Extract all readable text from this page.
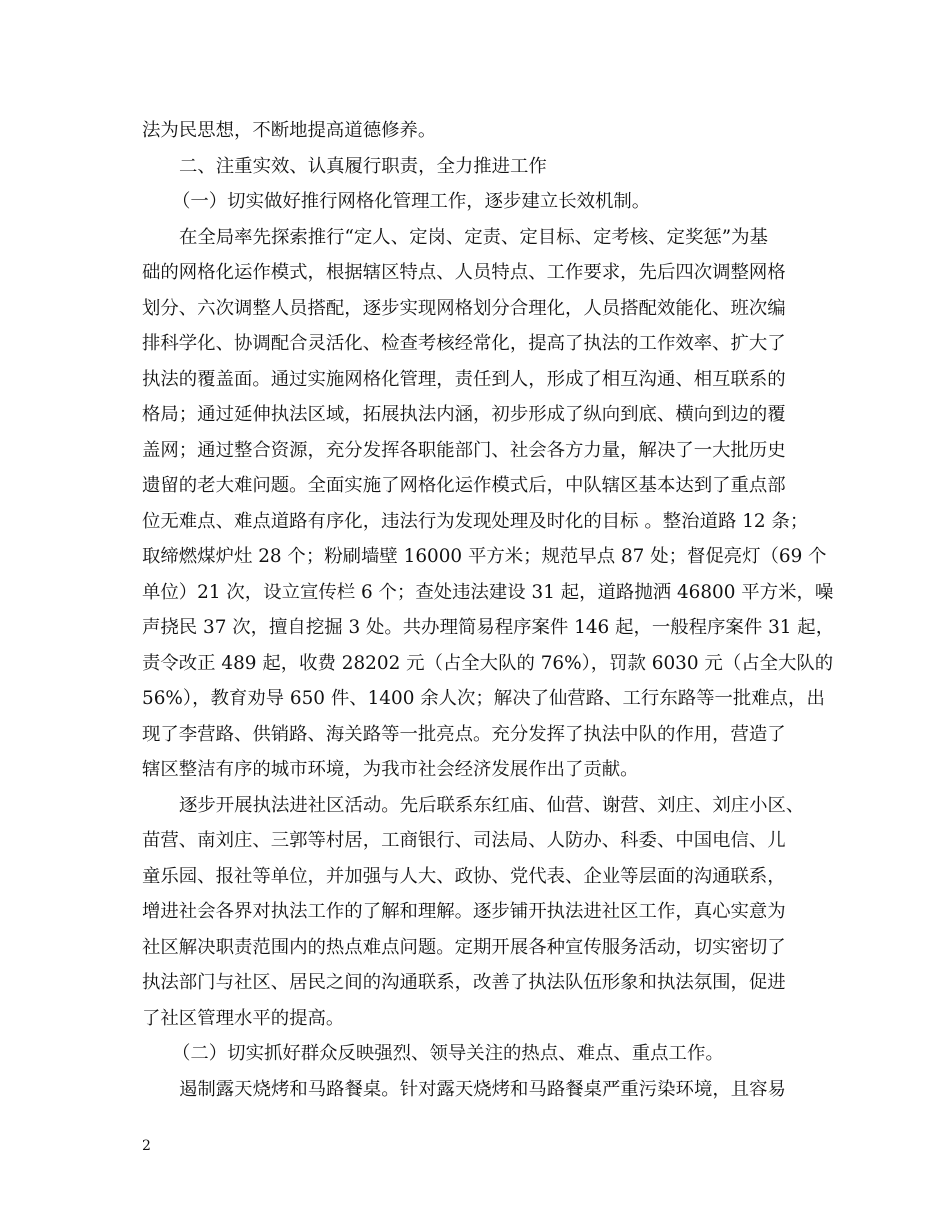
法为民思想，不断地提高道德修养。
二、注重实效、认真履行职责，全力推进工作
（一）切实做好推行网格化管理工作，逐步建立长效机制。
在全局率先探索推行“定人、定岗、定责、定目标、定考核、定奖惩”为基
础的网格化运作模式，根据辖区特点、人员特点、工作要求，先后四次调整网格
划分、六次调整人员搭配，逐步实现网格划分合理化，人员搭配效能化、班次编
排科学化、协调配合灵活化、检查考核经常化，提高了执法的工作效率、扩大了
执法的覆盖面。通过实施网格化管理，责任到人，形成了相互沟通、相互联系的
格局；通过延伸执法区域，拓展执法内涵，初步形成了纵向到底、横向到边的覆
盖网；通过整合资源，充分发挥各职能部门、社会各方力量，解决了一大批历史
遗留的老大难问题。全面实施了网格化运作模式后，中队辖区基本达到了重点部
位无难点、难点道路有序化，违法行为发现处理及时化的目标 。整治道路 12 条；
取缔燃煤炉灶 28 个；粉刷墙壁 16000 平方米；规范早点 87 处；督促亮灯（69 个
单位）21 次，设立宣传栏 6 个；查处违法建设 31 起，道路抛洒 46800 平方米，噪
声挠民 37 次，擅自挖掘 3 处。共办理简易程序案件 146 起，一般程序案件 31 起，
责令改正 489 起，收费 28202 元（占全大队的 76%），罚款 6030 元（占全大队的
56%），教育劝导 650 件、1400 余人次；解决了仙营路、工行东路等一批难点，出
现了李营路、供销路、海关路等一批亮点。充分发挥了执法中队的作用，营造了
辖区整洁有序的城市环境，为我市社会经济发展作出了贡献。
逐步开展执法进社区活动。先后联系东红庙、仙营、谢营、刘庄、刘庄小区、
苗营、南刘庄、三郭等村居，工商银行、司法局、人防办、科委、中国电信、儿
童乐园、报社等单位，并加强与人大、政协、党代表、企业等层面的沟通联系，
增进社会各界对执法工作的了解和理解。逐步铺开执法进社区工作，真心实意为
社区解决职责范围内的热点难点问题。定期开展各种宣传服务活动，切实密切了
执法部门与社区、居民之间的沟通联系，改善了执法队伍形象和执法氛围，促进
了社区管理水平的提高。
（二）切实抓好群众反映强烈、领导关注的热点、难点、重点工作。
遏制露天烧烤和马路餐桌。针对露天烧烤和马路餐桌严重污染环境，且容易
2
